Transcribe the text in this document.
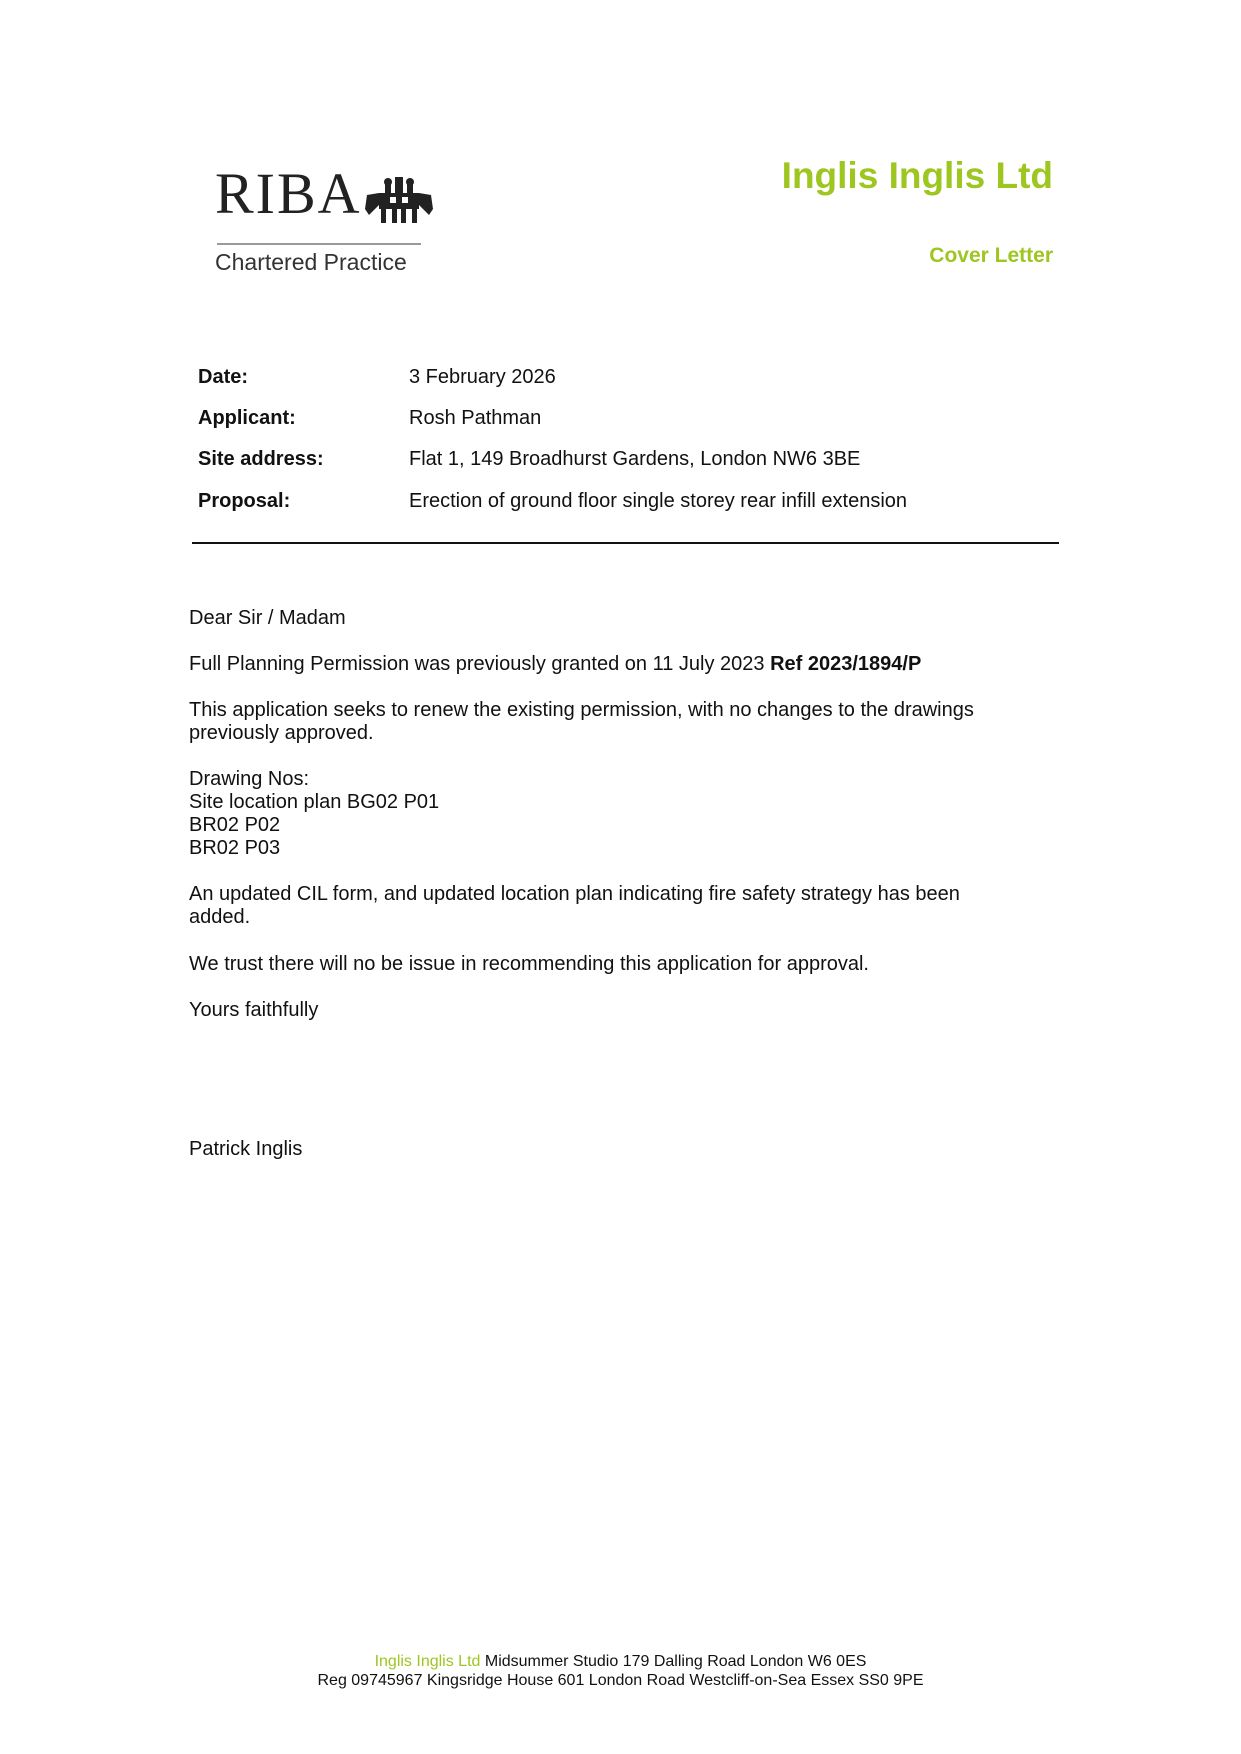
RIBA
Chartered Practice
Inglis Inglis Ltd
Cover Letter
Date:	3 February 2026
Applicant:	Rosh Pathman
Site address:	Flat 1, 149 Broadhurst Gardens, London NW6 3BE
Proposal:	Erection of ground floor single storey rear infill extension
Dear Sir / Madam
Full Planning Permission was previously granted on 11 July 2023 Ref 2023/1894/P
This application seeks to renew the existing permission, with no changes to the drawings
previously approved.
Drawing Nos:
Site location plan BG02 P01
BR02 P02
BR02 P03
An updated CIL form, and updated location plan indicating fire safety strategy has been
added.
We trust there will no be issue in recommending this application for approval.
Yours faithfully
Patrick Inglis
Inglis Inglis Ltd Midsummer Studio 179 Dalling Road London W6 0ES
Reg 09745967 Kingsridge House 601 London Road Westcliff-on-Sea Essex SS0 9PE
